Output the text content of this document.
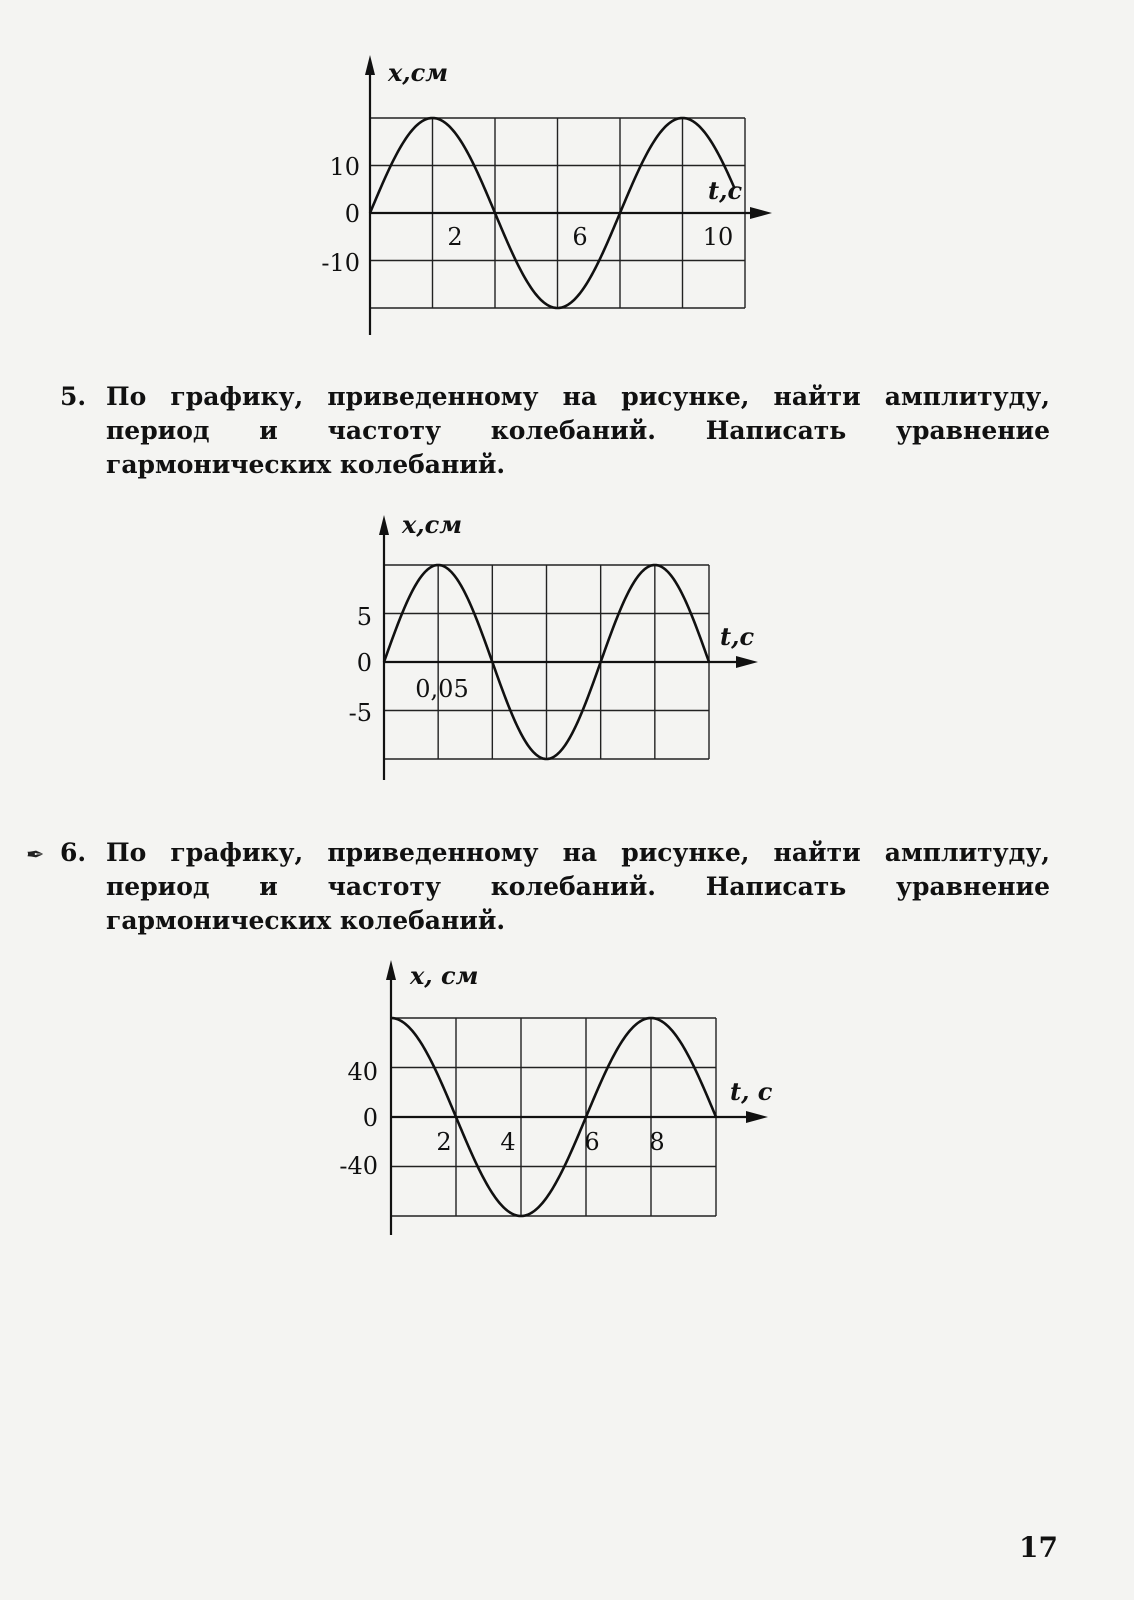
x,см
t,с
10
0
-10
2	6	10
5. По графику, приведенному на рисунке, найти амплитуду, период и частоту колебаний. Написать уравнение гармонических колебаний.
x,см
t,с
5
0
-5
0,05
✒ 6. По графику, приведенному на рисунке, найти амплитуду, период и частоту колебаний. Написать уравнение гармонических колебаний.
x, см
t, с
40
0
-40
2 4	6 8
17
